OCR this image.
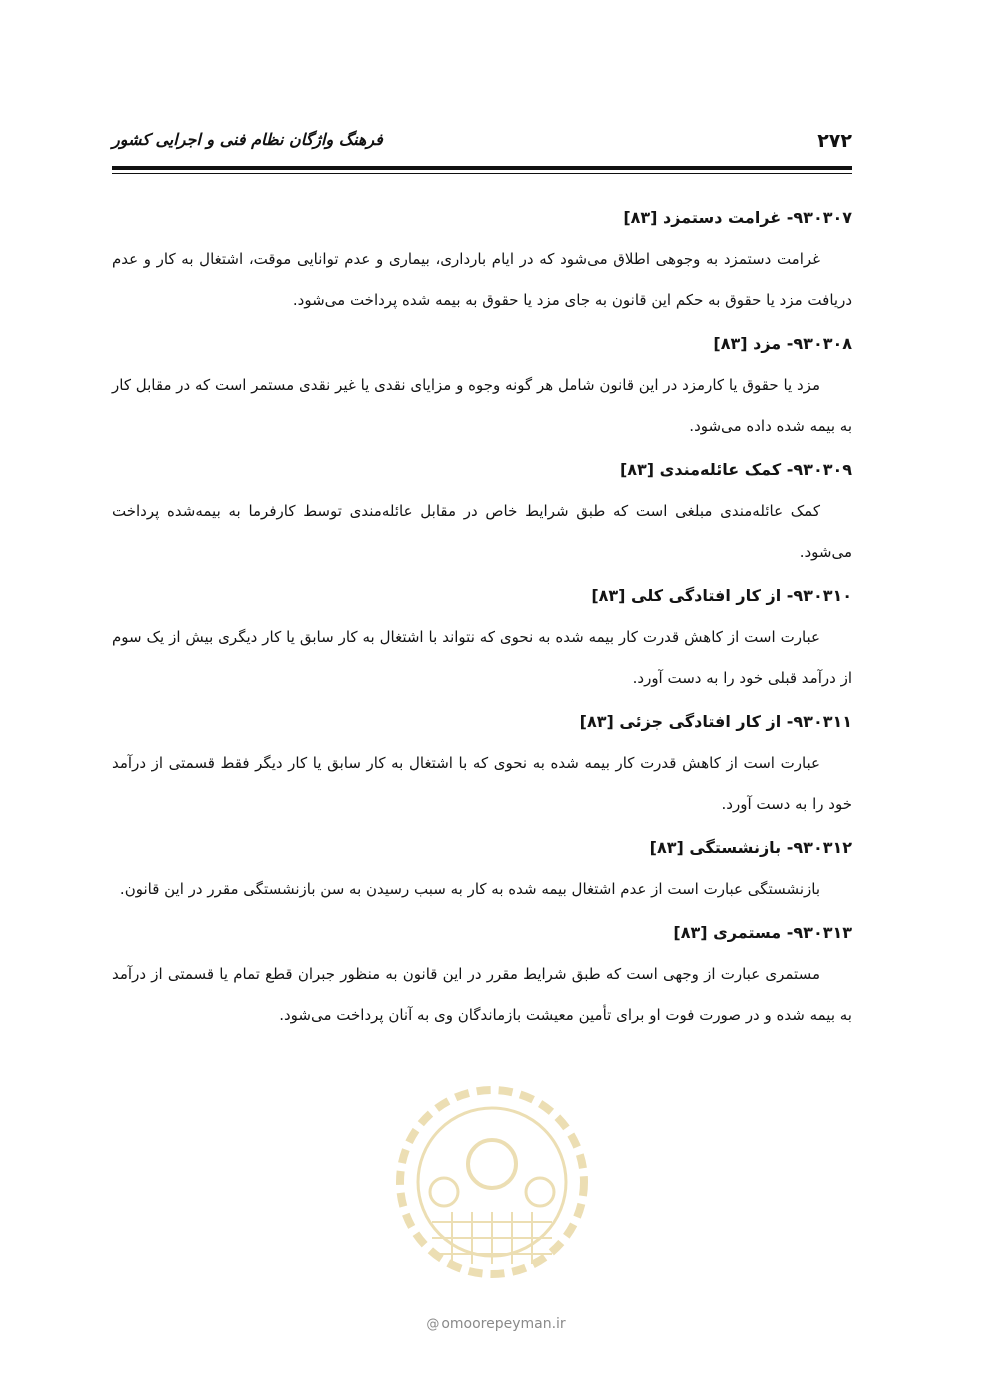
۲۷۲
فرهنگ واژگان نظام فنی و اجرایی کشور
۹۳۰۳۰۷- غرامت دستمزد [۸۳]

غرامت دستمزد به وجوهی اطلاق می‌شود که در ایام بارداری، بیماری و عدم توانایی موقت، اشتغال به کار و عدم دریافت مزد یا حقوق به حکم این قانون به جای مزد یا حقوق به بیمه شده پرداخت می‌شود.

۹۳۰۳۰۸- مزد [۸۳]

مزد یا حقوق یا کارمزد در این قانون شامل هر گونه وجوه و مزایای نقدی یا غیر نقدی مستمر است که در مقابل کار به بیمه شده داده می‌شود.

۹۳۰۳۰۹- کمک عائله‌مندی [۸۳]

کمک عائله‌مندی مبلغی است که طبق شرایط خاص در مقابل عائله‌مندی توسط کارفرما به بیمه‌شده پرداخت می‌شود.

۹۳۰۳۱۰- از کار افتادگی کلی [۸۳]

عبارت است از کاهش قدرت کار بیمه شده به نحوی که نتواند با اشتغال به کار سابق یا کار دیگری بیش از یک سوم از درآمد قبلی خود را به دست آورد.

۹۳۰۳۱۱- از کار افتادگی جزئی [۸۳]

عبارت است از کاهش قدرت کار بیمه شده به نحوی که با اشتغال به کار سابق یا کار دیگر فقط قسمتی از درآمد خود را به دست آورد.

۹۳۰۳۱۲- بازنشستگی [۸۳]

بازنشستگی عبارت است از عدم اشتغال بیمه شده به کار به سبب رسیدن به سن بازنشستگی مقرر در این قانون.

۹۳۰۳۱۳- مستمری [۸۳]

مستمری عبارت از وجهی است که طبق شرایط مقرر در این قانون به منظور جبران قطع تمام یا قسمتی از درآمد به بیمه شده و در صورت فوت او برای تأمین معیشت بازماندگان وی به آنان پرداخت می‌شود.

@ omoorepeyman.ir
